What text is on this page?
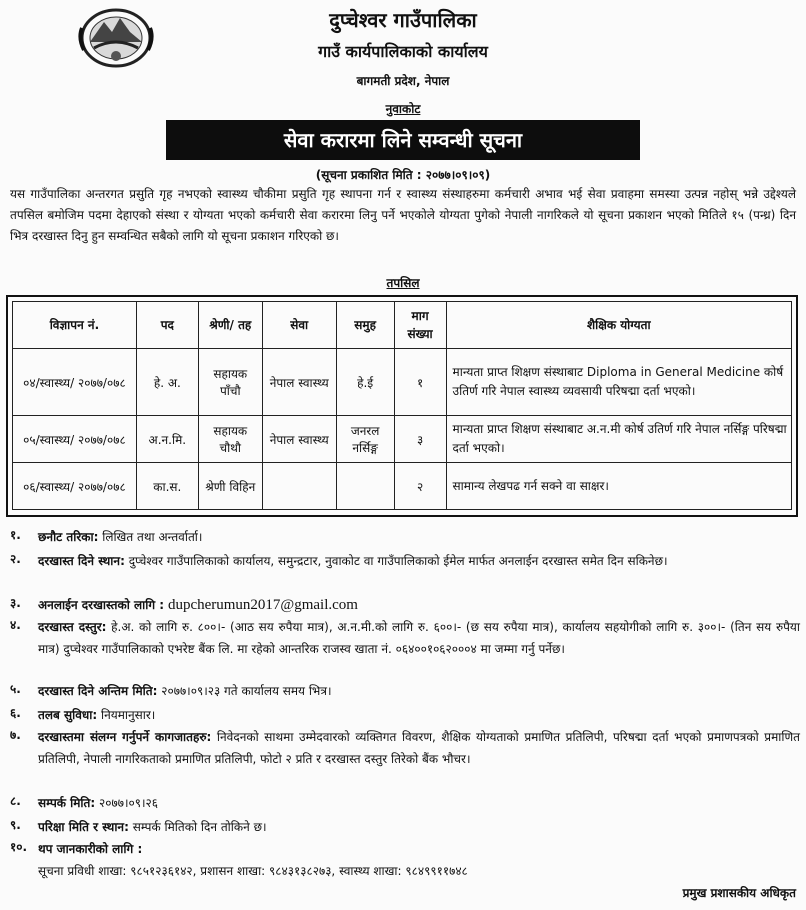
दुप्चेश्वर गाउँपालिका
गाउँ कार्यपालिकाको कार्यालय
बागमती प्रदेश, नेपाल
नुवाकोट
सेवा करारमा लिने सम्वन्धी सूचना
(सूचना प्रकाशित मिति : २०७७।०९।०९)
यस गाउँपालिका अन्तरगत प्रसुति गृह नभएको स्वास्थ्य चौकीमा प्रसुति गृह स्थापना गर्न र स्वास्थ्य संस्थाहरुमा कर्मचारी अभाव भई सेवा प्रवाहमा समस्या उत्पन्न नहोस् भन्ने उद्देश्यले तपसिल बमोजिम पदमा देहाएको संस्था र योग्यता भएको कर्मचारी सेवा करारमा लिनु पर्ने भएकोले योग्यता पुगेको नेपाली नागरिकले यो सूचना प्रकाशन भएको मितिले १५ (पन्ध्र) दिन भित्र दरखास्त दिनु हुन सम्वन्धित सबैको लागि यो सूचना प्रकाशन गरिएको छ।
तपसिल
विज्ञापन नं.	पद	श्रेणी/ तह	सेवा	समुह	माग संख्या	शैक्षिक योग्यता
०४/स्वास्थ्य/ २०७७/०७८	हे. अ.	सहायक पाँचौ	नेपाल स्वास्थ्य	हे.ई	१	मान्यता प्राप्त शिक्षण संस्थाबाट Diploma in General Medicine कोर्ष उतिर्ण गरि नेपाल स्वास्थ्य व्यवसायी परिषद्मा दर्ता भएको।
०५/स्वास्थ्य/ २०७७/०७८	अ.न.मि.	सहायक चौथौ	नेपाल स्वास्थ्य	जनरल नर्सिङ्ग	३	मान्यता प्राप्त शिक्षण संस्थाबाट अ.न.मी कोर्ष उतिर्ण गरि नेपाल नर्सिङ्ग परिषद्मा दर्ता भएको।
०६/स्वास्थ्य/ २०७७/०७८	का.स.	श्रेणी विहिन			२	सामान्य लेखपढ गर्न सक्ने वा साक्षर।
१.	छनौट तरिका: लिखित तथा अन्तर्वार्ता।
२.	दरखास्त दिने स्थान: दुप्चेश्वर गाउँपालिकाको कार्यालय, समुन्द्रटार, नुवाकोट वा गाउँपालिकाको ईमेल मार्फत अनलाईन दरखास्त समेत दिन सकिनेछ।
३.	अनलाईन दरखास्तको लागि : dupcherumun2017@gmail.com
४.	दरखास्त दस्तुर: हे.अ. को लागि रु. ८००।- (आठ सय रुपैया मात्र), अ.न.मी.को लागि रु. ६००।- (छ सय रुपैया मात्र), कार्यालय सहयोगीको लागि रु. ३००।- (तिन सय रुपैया मात्र) दुप्चेश्वर गाउँपालिकाको एभरेष्ट बैंक लि. मा रहेको आन्तरिक राजस्व खाता नं. ०६४००१०६२०००४ मा जम्मा गर्नु पर्नेछ।
५.	दरखास्त दिने अन्तिम मिति: २०७७।०९।२३ गते कार्यालय समय भित्र।
६.	तलब सुविधा: नियमानुसार।
७.	दरखास्तमा संलग्न गर्नुपर्ने कागजातहरु: निवेदनको साथमा उम्मेदवारको व्यक्तिगत विवरण, शैक्षिक योग्यताको प्रमाणित प्रतिलिपी, परिषद्मा दर्ता भएको प्रमाणपत्रको प्रमाणित प्रतिलिपी, नेपाली नागरिकताको प्रमाणित प्रतिलिपी, फोटो २ प्रति र दरखास्त दस्तुर तिरेको बैंक भौचर।
८.	सम्पर्क मिति: २०७७।०९।२६
९.	परिक्षा मिति र स्थान: सम्पर्क मितिको दिन तोकिने छ।
१०. थप जानकारीको लागि :
सूचना प्रविधी शाखा: ९८५१२३६१४२, प्रशासन शाखा: ९८४३१३८२७३, स्वास्थ्य शाखा: ९८४९९११७४८
प्रमुख प्रशासकीय अधिकृत
